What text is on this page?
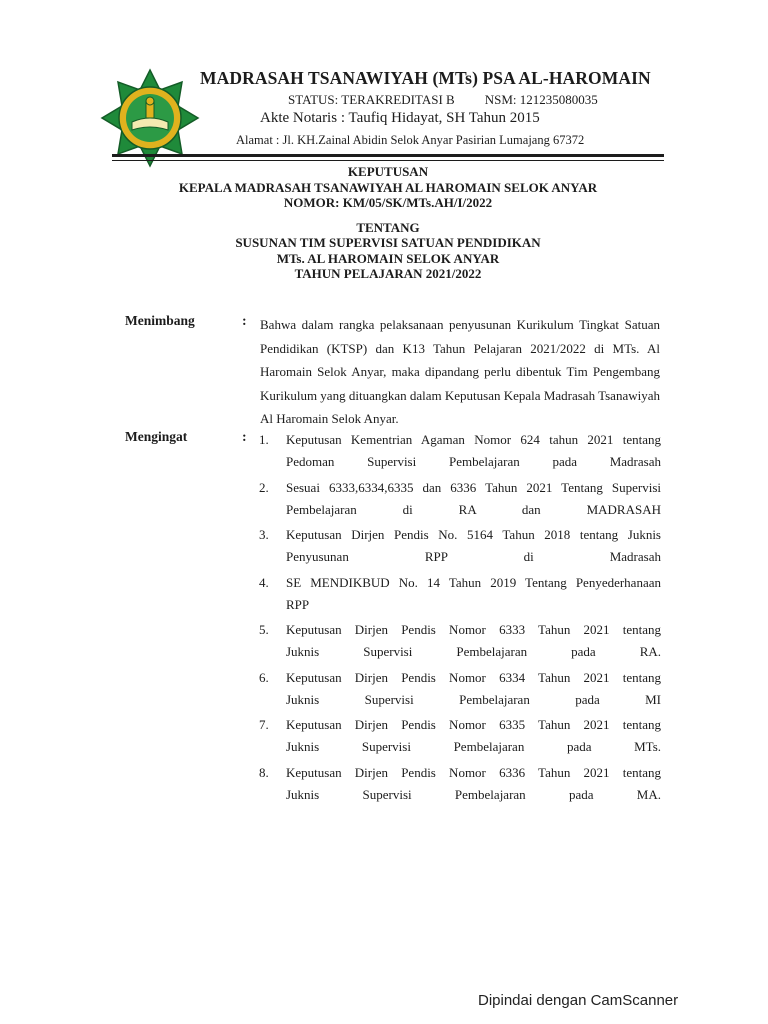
MADRASAH TSANAWIYAH (MTs) PSA AL-HAROMAIN
STATUS: TERAKREDITASI B NSM: 121235080035
Akte Notaris : Taufiq Hidayat, SH Tahun 2015
Alamat : Jl. KH.Zainal Abidin Selok Anyar Pasirian Lumajang 67372
KEPUTUSAN
KEPALA MADRASAH TSANAWIYAH AL HAROMAIN SELOK ANYAR
NOMOR: KM/05/SK/MTs.AH/I/2022
TENTANG
SUSUNAN TIM SUPERVISI SATUAN PENDIDIKAN
MTs. AL HAROMAIN SELOK ANYAR
TAHUN PELAJARAN 2021/2022
Menimbang	: Bahwa dalam rangka pelaksanaan penyusunan Kurikulum Tingkat Satuan Pendidikan (KTSP) dan K13 Tahun Pelajaran 2021/2022 di MTs. Al Haromain Selok Anyar, maka dipandang perlu dibentuk Tim Pengembang Kurikulum yang dituangkan dalam Keputusan Kepala Madrasah Tsanawiyah Al Haromain Selok Anyar.
Mengingat	: 1. Keputusan Kementrian Agaman Nomor 624 tahun 2021 tentang
Pedoman Supervisi Pembelajaran pada Madrasah
2. Sesuai 6333,6334,6335 dan 6336 Tahun 2021 Tentang Supervisi
Pembelajaran di RA dan MADRASAH
3. Keputusan Dirjen Pendis No. 5164 Tahun 2018 tentang Juknis
Penyusunan RPP di Madrasah
4. SE MENDIKBUD No. 14 Tahun 2019 Tentang Penyederhanaan
RPP
5. Keputusan Dirjen Pendis Nomor 6333 Tahun 2021 tentang
Juknis Supervisi Pembelajaran pada RA.
6. Keputusan Dirjen Pendis Nomor 6334 Tahun 2021 tentang
Juknis Supervisi Pembelajaran pada MI
7. Keputusan Dirjen Pendis Nomor 6335 Tahun 2021 tentang
Juknis Supervisi Pembelajaran pada MTs.
8. Keputusan Dirjen Pendis Nomor 6336 Tahun 2021 tentang
Juknis Supervisi Pembelajaran pada MA.
Dipindai dengan CamScanner
